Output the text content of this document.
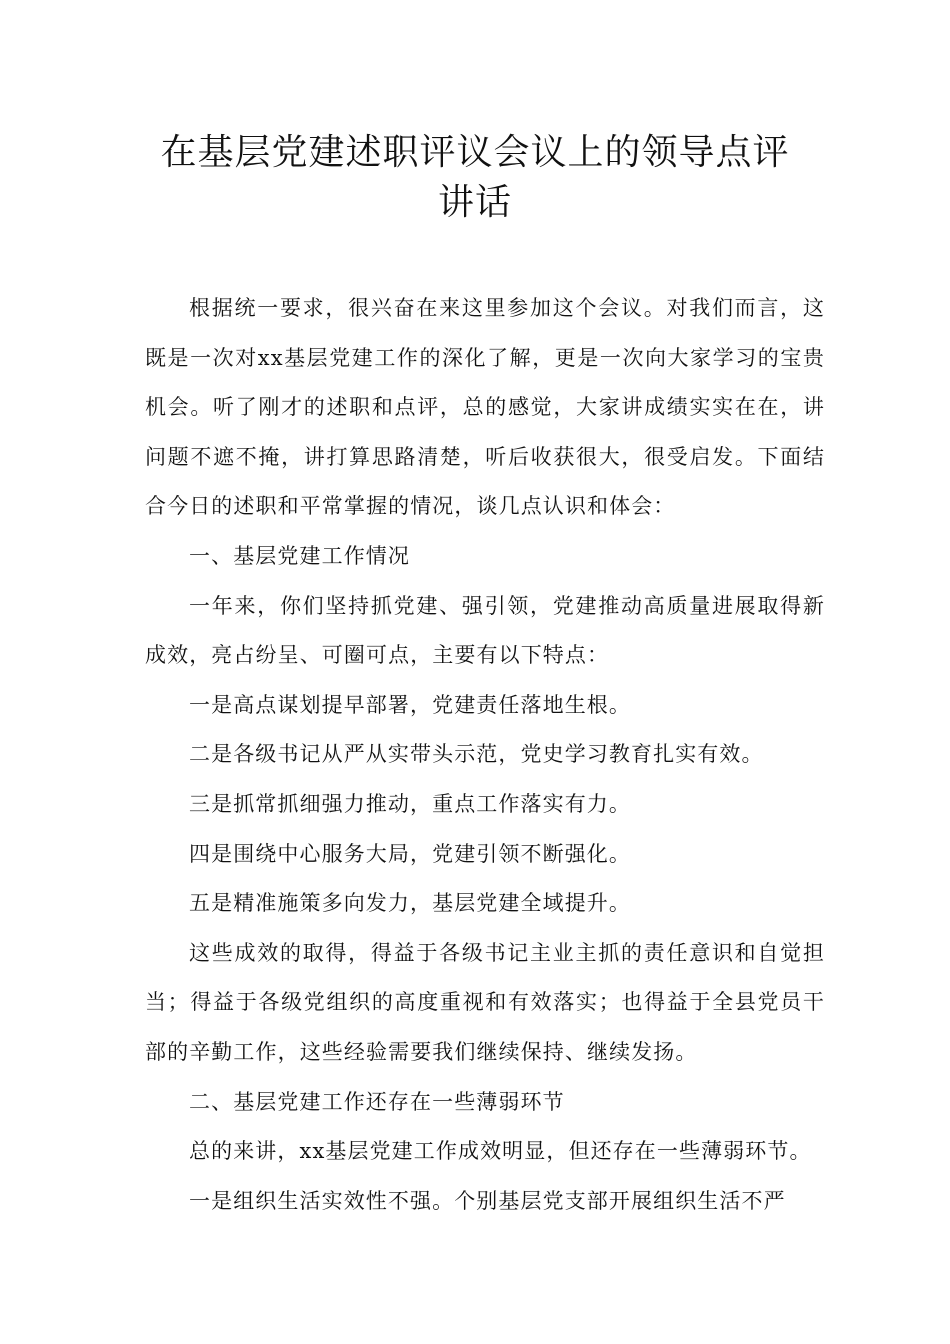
在基层党建述职评议会议上的领导点评
讲话

根据统一要求，很兴奋在来这里参加这个会议。对我们而言，这既是一次对xx基层党建工作的深化了解，更是一次向大家学习的宝贵机会。听了刚才的述职和点评，总的感觉，大家讲成绩实实在在，讲问题不遮不掩，讲打算思路清楚，听后收获很大，很受启发。下面结合今日的述职和平常掌握的情况，谈几点认识和体会：

一、基层党建工作情况

一年来，你们坚持抓党建、强引领，党建推动高质量进展取得新成效，亮占纷呈、可圈可点，主要有以下特点：

一是高点谋划提早部署，党建责任落地生根。

二是各级书记从严从实带头示范，党史学习教育扎实有效。

三是抓常抓细强力推动，重点工作落实有力。

四是围绕中心服务大局，党建引领不断强化。

五是精准施策多向发力，基层党建全域提升。

这些成效的取得，得益于各级书记主业主抓的责任意识和自觉担当；得益于各级党组织的高度重视和有效落实；也得益于全县党员干部的辛勤工作，这些经验需要我们继续保持、继续发扬。

二、基层党建工作还存在一些薄弱环节

总的来讲，xx基层党建工作成效明显，但还存在一些薄弱环节。

一是组织生活实效性不强。个别基层党支部开展组织生活不严
